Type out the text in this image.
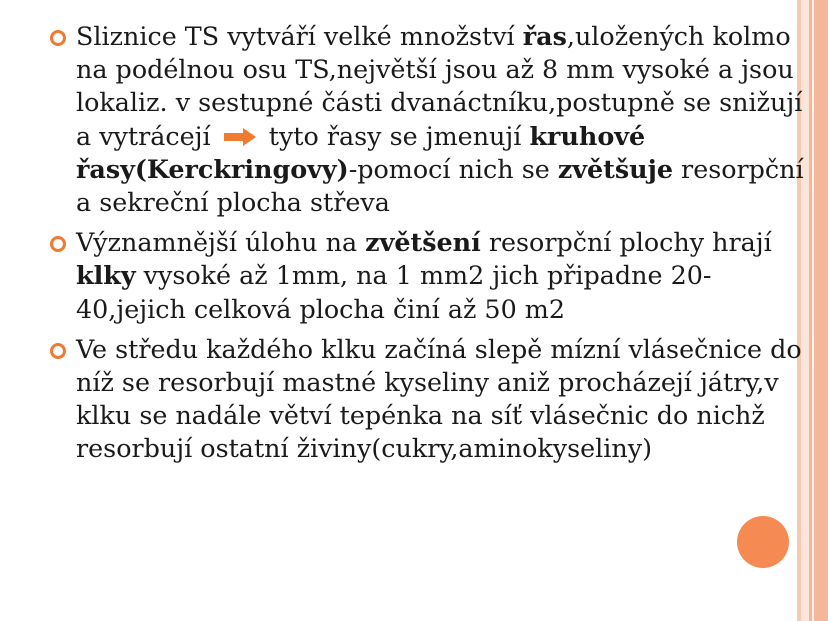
Sliznice TS vytváří velké množství řas,uložených kolmo na podélnou osu TS,největší jsou až 8 mm vysoké a jsou lokaliz. v sestupné části dvanáctníku,postupně se snižují a vytrácejí  tyto řasy se jmenují kruhové řasy(Kerckringovy)-pomocí nich se zvětšuje resorpční a sekreční plocha střeva
Významnější úlohu na zvětšení resorpční plochy hrají klky vysoké až 1mm, na 1 mm2 jich připadne 20-40,jejich celková plocha činí až 50 m2
Ve středu každého klku začíná slepě mízní vlásečnice do níž se resorbují mastné kyseliny aniž procházejí játry,v klku se nadále větví tepénka na síť vlásečnic do nichž resorbují ostatní živiny(cukry,aminokyseliny)
